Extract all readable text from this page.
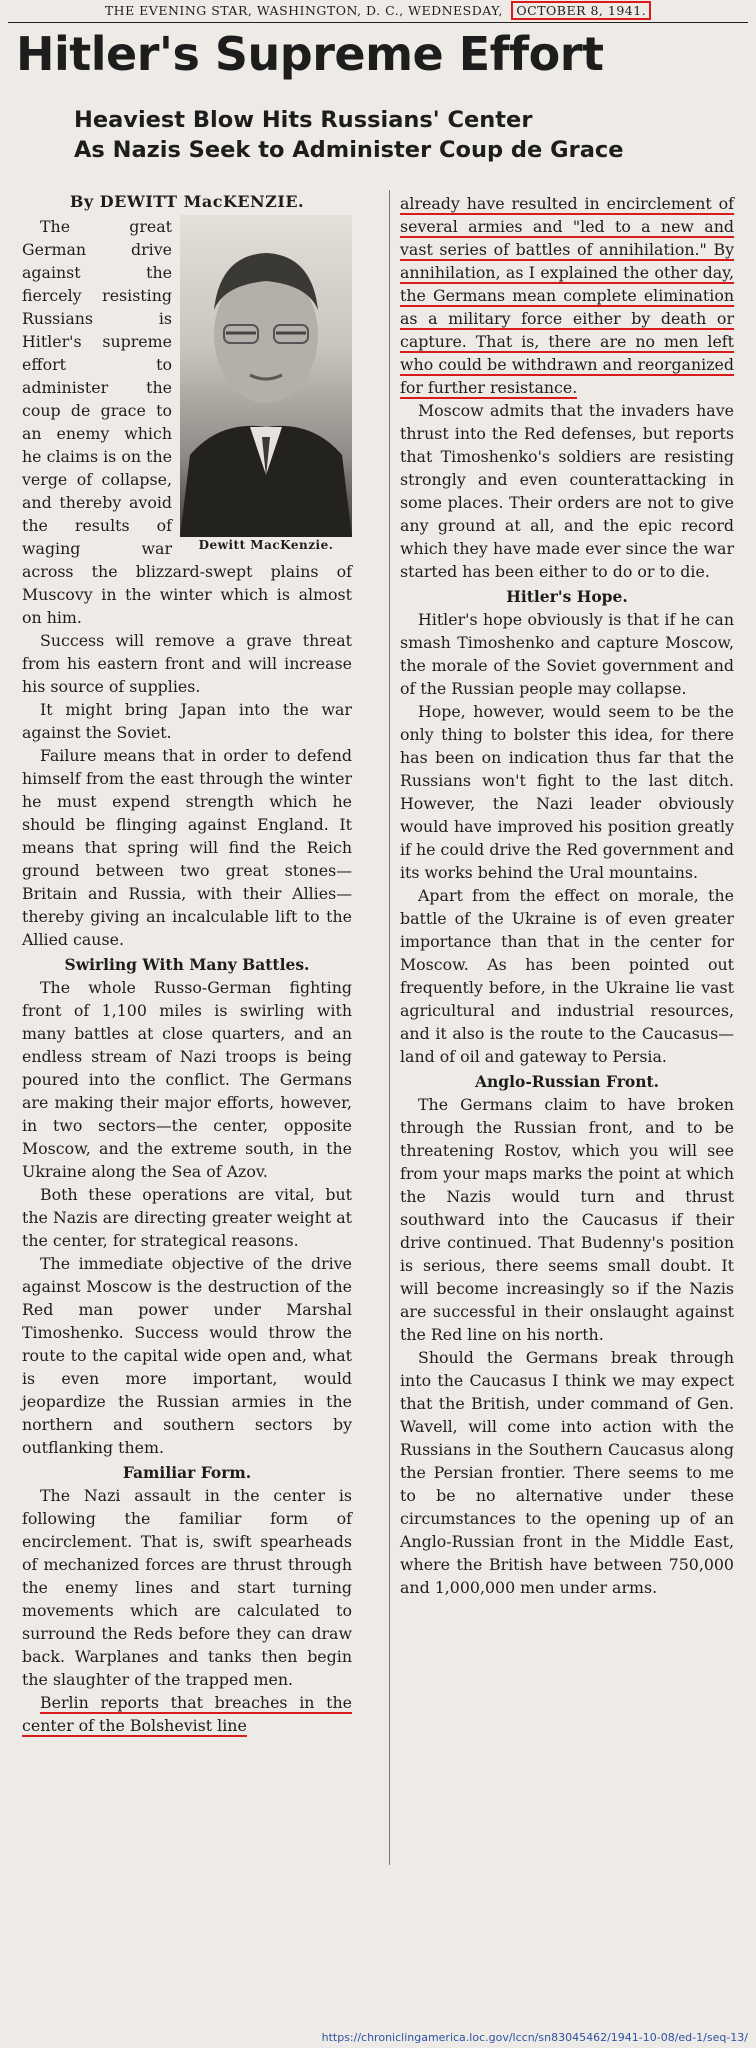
THE EVENING STAR, WASHINGTON, D. C., WEDNESDAY, OCTOBER 8, 1941.
Hitler's Supreme Effort
Heaviest Blow Hits Russians' Center
As Nazis Seek to Administer Coup de Grace
By DEWITT MacKENZIE.
Dewitt MacKenzie.

The great German drive against the fiercely resisting Russians is Hitler's supreme effort to administer the coup de grace to an enemy which he claims is on the verge of collapse, and thereby avoid the results of waging war across the blizzard-swept plains of Muscovy in the winter which is almost on him.

Success will remove a grave threat from his eastern front and will increase his source of supplies.

It might bring Japan into the war against the Soviet.

Failure means that in order to defend himself from the east through the winter he must expend strength which he should be flinging against England. It means that spring will find the Reich ground between two great stones—Britain and Russia, with their Allies—thereby giving an incalculable lift to the Allied cause.

Swirling With Many Battles.

The whole Russo-German fighting front of 1,100 miles is swirling with many battles at close quarters, and an endless stream of Nazi troops is being poured into the conflict. The Germans are making their major efforts, however, in two sectors—the center, opposite Moscow, and the extreme south, in the Ukraine along the Sea of Azov.

Both these operations are vital, but the Nazis are directing greater weight at the center, for strategical reasons.

The immediate objective of the drive against Moscow is the destruction of the Red man power under Marshal Timoshenko. Success would throw the route to the capital wide open and, what is even more important, would jeopardize the Russian armies in the northern and southern sectors by outflanking them.

Familiar Form.

The Nazi assault in the center is following the familiar form of encirclement. That is, swift spearheads of mechanized forces are thrust through the enemy lines and start turning movements which are calculated to surround the Reds before they can draw back. Warplanes and tanks then begin the slaughter of the trapped men.

Berlin reports that breaches in the center of the Bolshevist line

already have resulted in encirclement of several armies and "led to a new and vast series of battles of annihilation." By annihilation, as I explained the other day, the Germans mean complete elimination as a military force either by death or capture. That is, there are no men left who could be withdrawn and reorganized for further resistance.

Moscow admits that the invaders have thrust into the Red defenses, but reports that Timoshenko's soldiers are resisting strongly and even counterattacking in some places. Their orders are not to give any ground at all, and the epic record which they have made ever since the war started has been either to do or to die.

Hitler's Hope.

Hitler's hope obviously is that if he can smash Timoshenko and capture Moscow, the morale of the Soviet government and of the Russian people may collapse.

Hope, however, would seem to be the only thing to bolster this idea, for there has been on indication thus far that the Russians won't fight to the last ditch. However, the Nazi leader obviously would have improved his position greatly if he could drive the Red government and its works behind the Ural mountains.

Apart from the effect on morale, the battle of the Ukraine is of even greater importance than that in the center for Moscow. As has been pointed out frequently before, in the Ukraine lie vast agricultural and industrial resources, and it also is the route to the Caucasus—land of oil and gateway to Persia.

Anglo-Russian Front.

The Germans claim to have broken through the Russian front, and to be threatening Rostov, which you will see from your maps marks the point at which the Nazis would turn and thrust southward into the Caucasus if their drive continued. That Budenny's position is serious, there seems small doubt. It will become increasingly so if the Nazis are successful in their onslaught against the Red line on his north.

Should the Germans break through into the Caucasus I think we may expect that the British, under command of Gen. Wavell, will come into action with the Russians in the Southern Caucasus along the Persian frontier. There seems to me to be no alternative under these circumstances to the opening up of an Anglo-Russian front in the Middle East, where the British have between 750,000 and 1,000,000 men under arms.

https://chroniclingamerica.loc.gov/lccn/sn83045462/1941-10-08/ed-1/seq-13/
